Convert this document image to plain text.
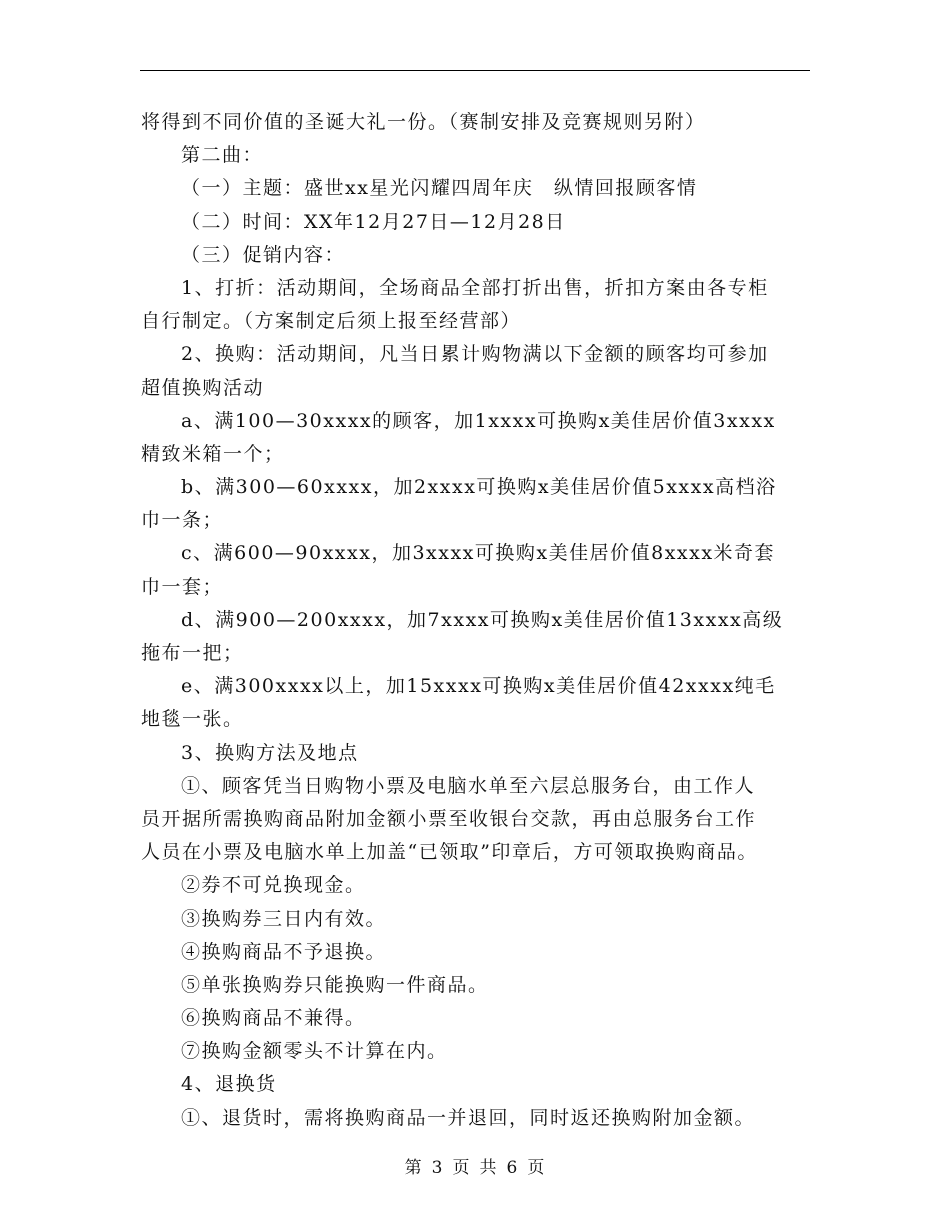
将得到不同价值的圣诞大礼一份。（赛制安排及竞赛规则另附）
第二曲：
（一）主题：盛世xx星光闪耀四周年庆　纵情回报顾客情
（二）时间：XX年12月27日—12月28日
（三）促销内容：
1、打折：活动期间，全场商品全部打折出售，折扣方案由各专柜
自行制定。（方案制定后须上报至经营部）
2、换购：活动期间，凡当日累计购物满以下金额的顾客均可参加
超值换购活动
a、满100—30xxxx的顾客，加1xxxx可换购x美佳居价值3xxxx
精致米箱一个；
b、满300—60xxxx，加2xxxx可换购x美佳居价值5xxxx高档浴
巾一条；
c、满600—90xxxx，加3xxxx可换购x美佳居价值8xxxx米奇套
巾一套；
d、满900—200xxxx，加7xxxx可换购x美佳居价值13xxxx高级
拖布一把；
e、满300xxxx以上，加15xxxx可换购x美佳居价值42xxxx纯毛
地毯一张。
3、换购方法及地点
①、顾客凭当日购物小票及电脑水单至六层总服务台，由工作人
员开据所需换购商品附加金额小票至收银台交款，再由总服务台工作
人员在小票及电脑水单上加盖“已领取”印章后，方可领取换购商品。
②券不可兑换现金。
③换购券三日内有效。
④换购商品不予退换。
⑤单张换购券只能换购一件商品。
⑥换购商品不兼得。
⑦换购金额零头不计算在内。
4、退换货
①、退货时，需将换购商品一并退回，同时返还换购附加金额。
第 3 页 共 6 页
